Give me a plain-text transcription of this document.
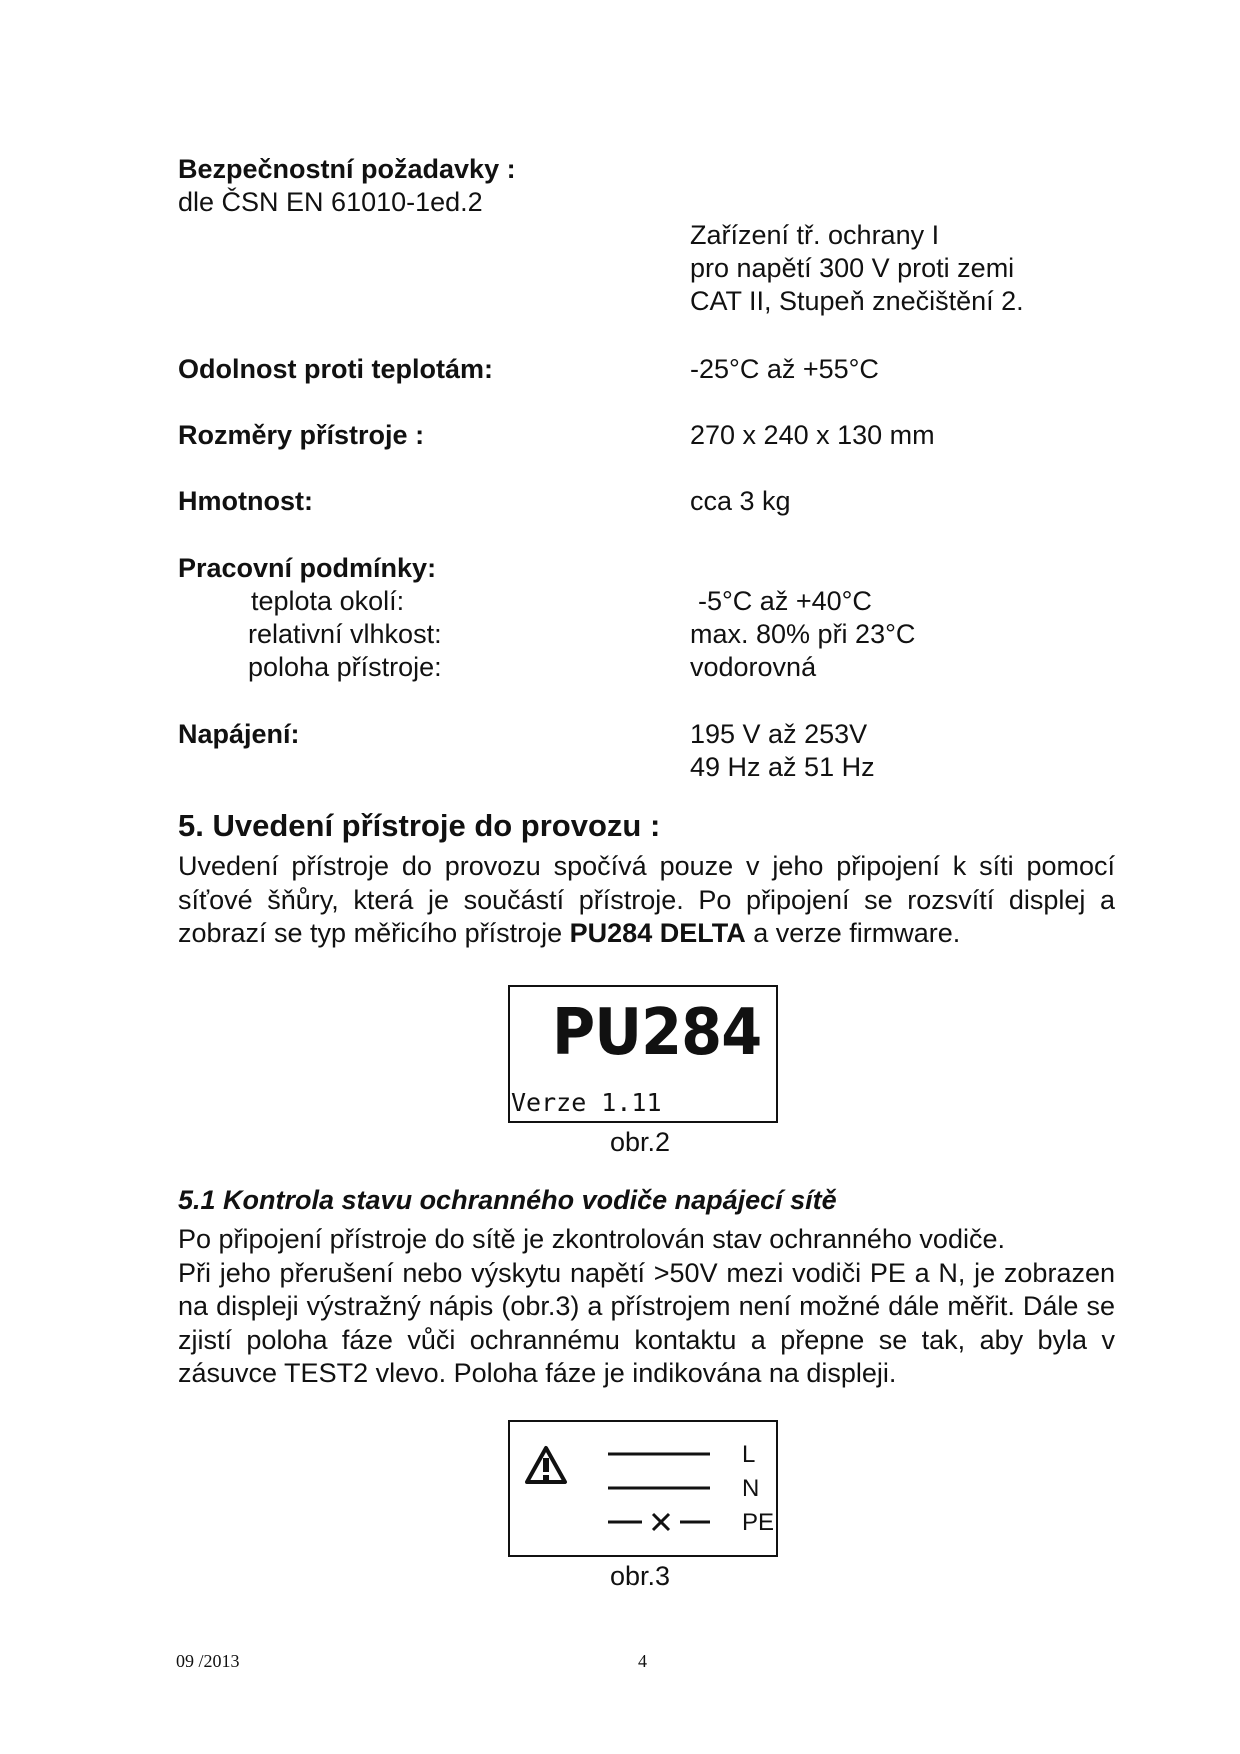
Bezpečnostní požadavky :
dle ČSN EN 61010-1ed.2
Zařízení tř. ochrany I
pro napětí 300 V proti zemi
CAT II, Stupeň znečištění 2.
Odolnost proti teplotám:	-25°C až +55°C
Rozměry přístroje :	270 x 240 x 130 mm
Hmotnost:	cca 3 kg
Pracovní podmínky:
teplota okolí:	-5°C až +40°C
relativní vlhkost:	max. 80% při 23°C
poloha přístroje:	vodorovná
Napájení:	195 V až 253V
49 Hz až 51 Hz
5. Uvedení přístroje do provozu :

Uvedení přístroje do provozu spočívá pouze v jeho připojení k síti pomocí síťové šňůry, která je součástí přístroje. Po připojení se rozsvítí displej a zobrazí se typ měřicího přístroje PU284 DELTA a verze firmware.

PU284
Verze 1.11
obr.2
5.1 Kontrola stavu ochranného vodiče napájecí sítě

Po připojení přístroje do sítě je zkontrolován stav ochranného vodiče.

Při jeho přerušení nebo výskytu napětí >50V mezi vodiči PE a N, je zobrazen na displeji výstražný nápis (obr.3) a přístrojem není možné dále měřit. Dále se zjistí poloha fáze vůči ochrannému kontaktu a přepne se tak, aby byla v zásuvce TEST2 vlevo. Poloha fáze je indikována na displeji.

L
N
PE
obr.3
09 /2013	4
